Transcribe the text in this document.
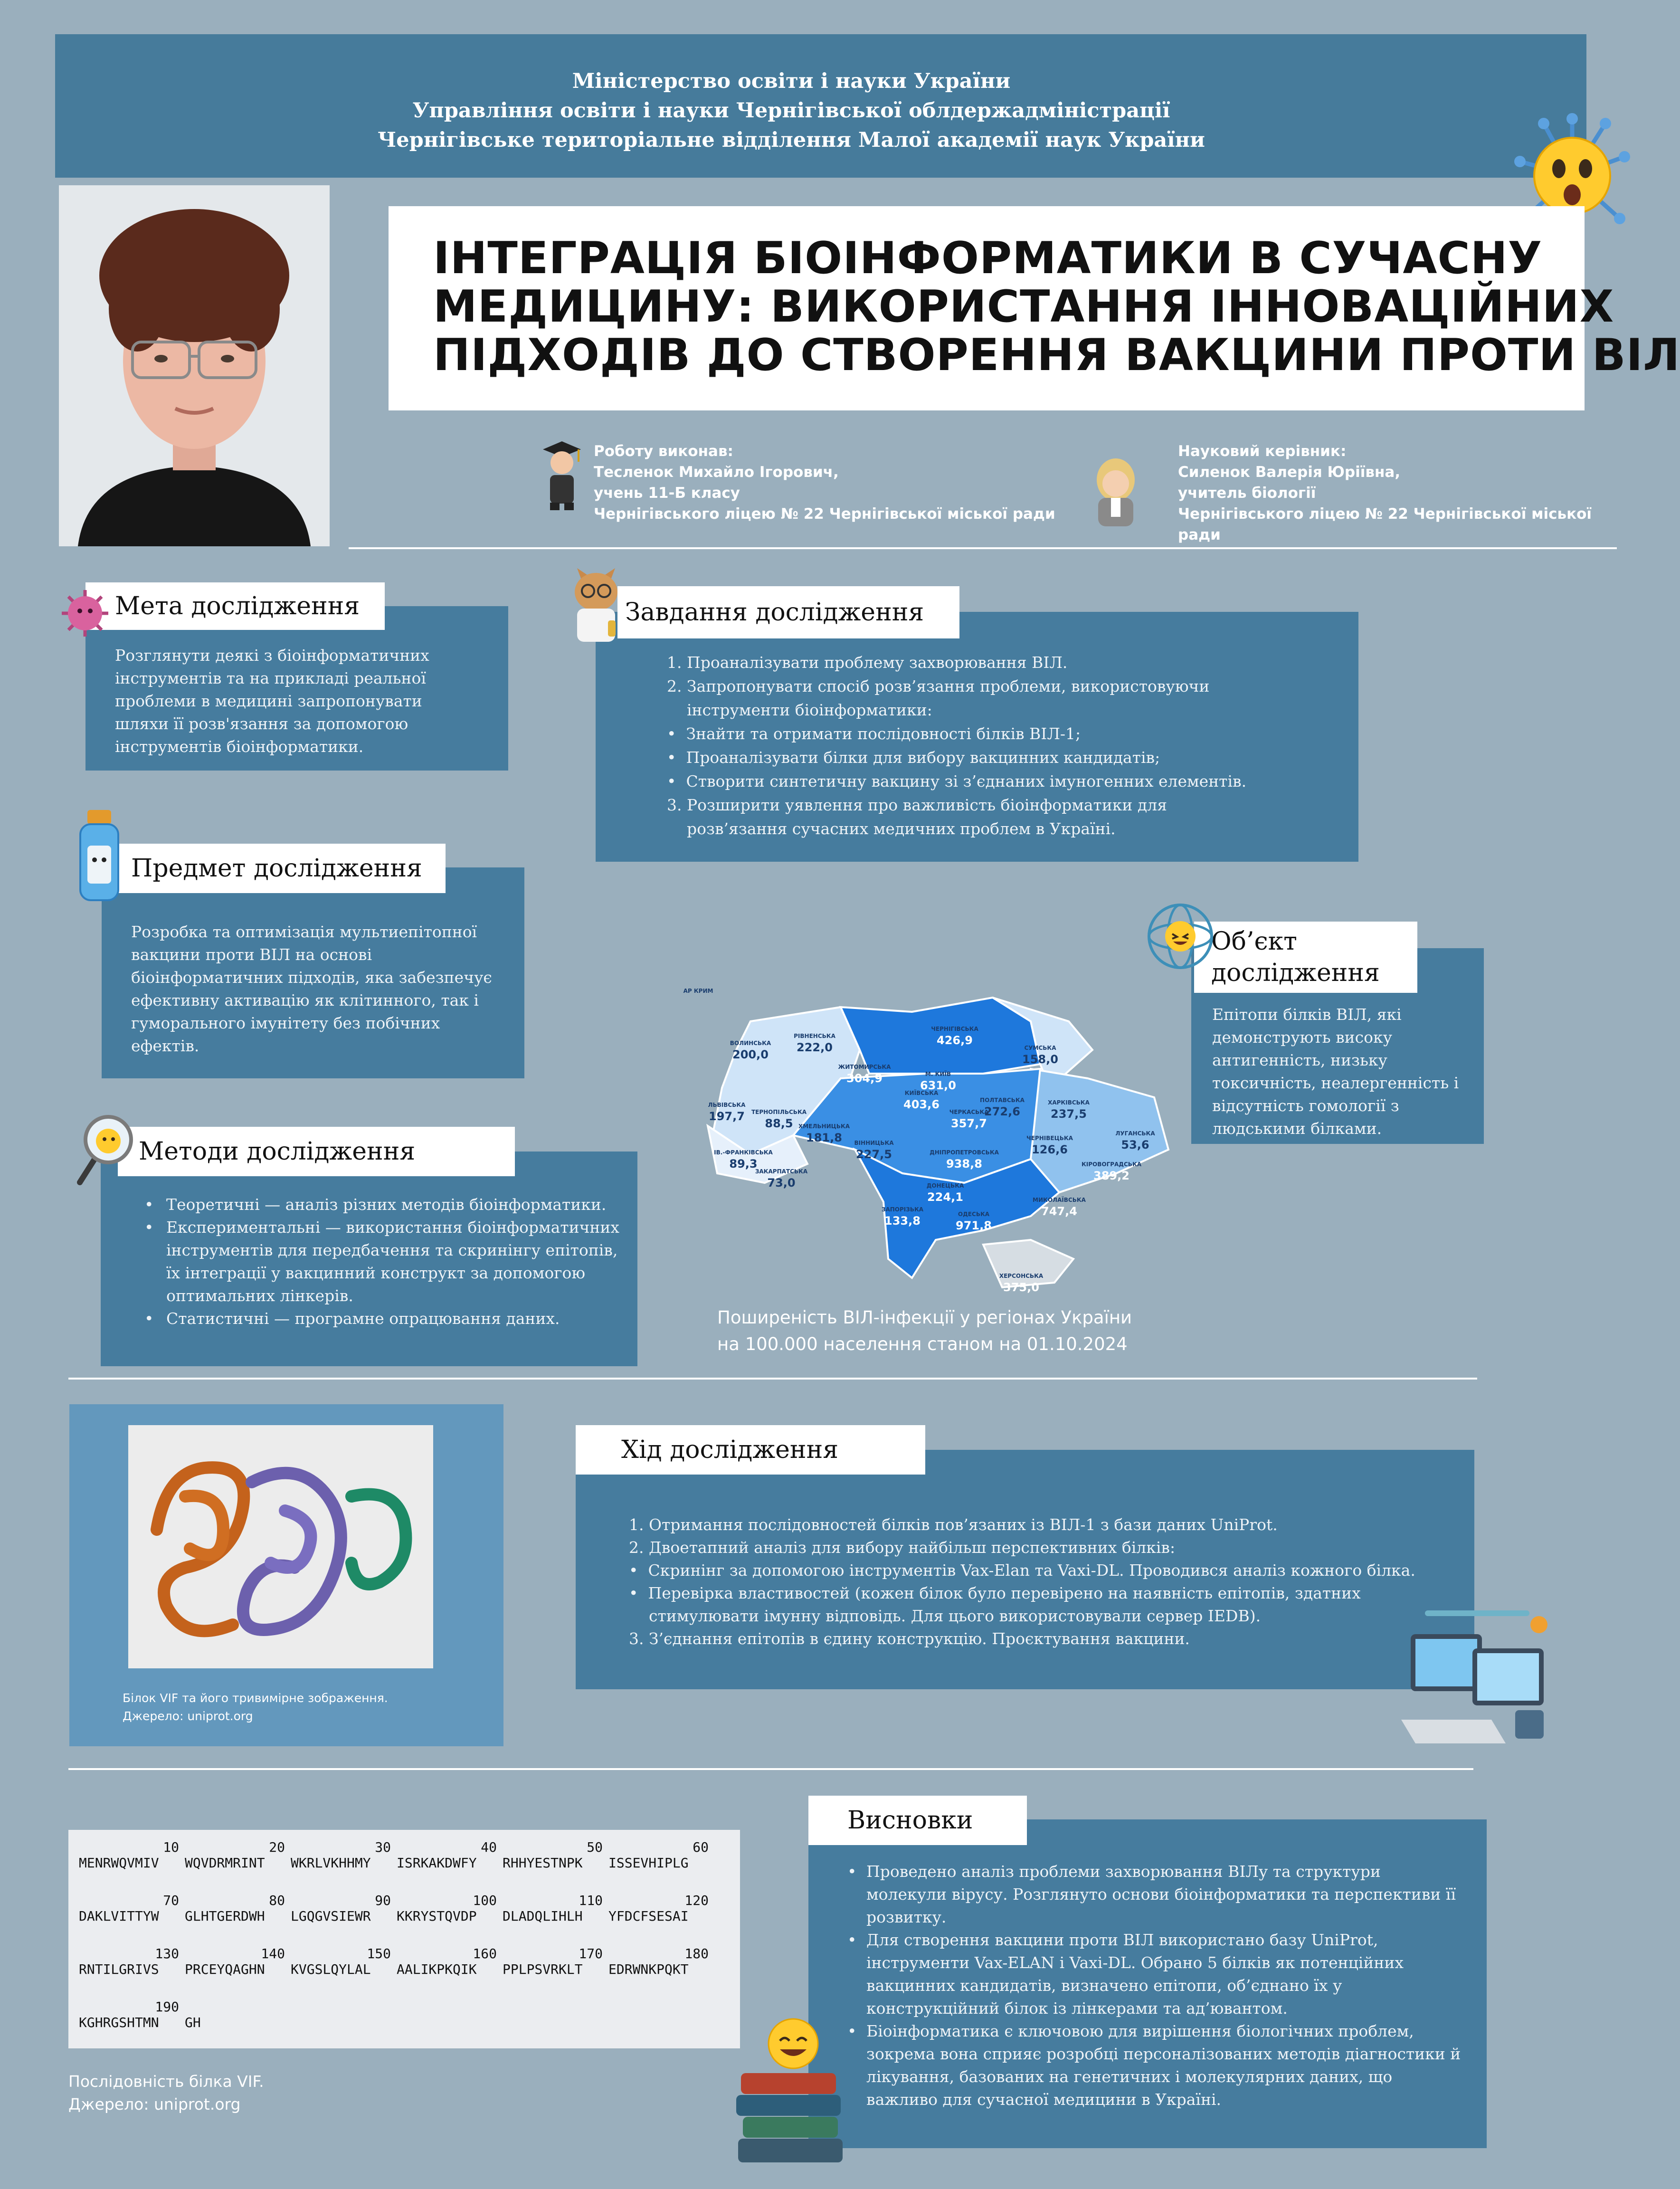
Міністерство освіти і науки України
Управління освіти і науки Чернігівської облдержадміністрації
Чернігівське територіальне відділення Малої академії наук України
ІНТЕГРАЦІЯ БІОІНФОРМАТИКИ В СУЧАСНУ
МЕДИЦИНУ: ВИКОРИСТАННЯ ІННОВАЦІЙНИХ
ПІДХОДІВ ДО СТВОРЕННЯ ВАКЦИНИ ПРОТИ ВІЛ
Роботу виконав:
Тесленок Михайло Ігорович,
учень 11-Б класу
Чернігівського ліцею № 22 Чернігівської міської ради
Науковий керівник:
Силенок Валерія Юріївна,
учитель біології
Чернігівського ліцею № 22 Чернігівської міської ради
Мета дослідження
Розглянути деякі з біоінформатичних інструментів та на прикладі реальної проблеми в медицині запропонувати шляхи її розв'язання за допомогою інструментів біоінформатики.
Завдання дослідження
1. Проаналізувати проблему захворювання ВІЛ.
2. Запропонувати спосіб розв’язання проблеми, використовуючи
інструменти біоінформатики:
•  Знайти та отримати послідовності білків ВІЛ-1;
•  Проаналізувати білки для вибору вакцинних кандидатів;
•  Створити синтетичну вакцину зі з’єднаних імуногенних елементів.
3. Розширити уявлення про важливість біоінформатики для
розв’язання сучасних медичних проблем в Україні.
Предмет дослідження
Розробка та оптимізація мультиепітопної вакцини проти ВІЛ на основі біоінформатичних підходів, яка забезпечує ефективну активацію як клітинного, так і гуморального імунітету без побічних ефектів.
Об’єкт
дослідження
Епітопи білків ВІЛ, які демонструють високу антигенність, низьку токсичність, неалергенність і відсутність гомології з людськими білками.
ВОЛИНСЬКА
200,0
РІВНЕНСЬКА
222,0
ЖИТОМИРСЬКА
304,9
ЧЕРНІГІВСЬКА
426,9
СУМСЬКА
158,0
М. КИЇВ
631,0
КИЇВСЬКА
403,6
ЛЬВІВСЬКА
197,7 ТЕРНОПІЛЬСЬКА
88,5 ХМЕЛЬНИЦЬКА
181,8
ПОЛТАВСЬКА
272,6
ХАРКІВСЬКА
237,5
ЛУГАНСЬКА
53,6
ЧЕРКАСЬКА
357,7
ВІННИЦЬКА
227,5
ІВ.-ФРАНКІВСЬКА
89,3
ЗАКАРПАТСЬКА
73,0
ЧЕРНІВЕЦЬКА
126,6
ДНІПРОПЕТРОВСЬКА
938,8	КІРОВОГРАДСЬКА
389,2
ДОНЕЦЬКА
224,1	МИКОЛАЇВСЬКА
747,4
ЗАПОРІЗЬКА
133,8	ОДЕСЬКА
971,8
ХЕРСОНСЬКА
375,0
АР КРИМ
Поширеність ВІЛ-інфекції у регіонах України
на 100.000 населення станом на 01.10.2024
Методи дослідження
• Теоретичні — аналіз різних методів біоінформатики.
• Експериментальні — використання біоінформатичних інструментів для передбачення та скринінгу епітопів, їх інтеграції у вакцинний конструкт за допомогою оптимальних лінкерів.
• Статистичні — програмне опрацювання даних.
Білок VIF та його тривимірне зображення.
Джерело: uniprot.org
Хід дослідження
1. Отримання послідовностей білків пов’язаних із ВІЛ-1 з бази даних UniProt.
2. Двоетапний аналіз для вибору найбільш перспективних білків:
•  Скринінг за допомогою інструментів Vax-Elan та Vaxi-DL. Проводився аналіз кожного білка.
•  Перевірка властивостей (кожен білок було перевірено на наявність епітопів, здатних
стимулювати імунну відповідь. Для цього використовували сервер IEDB).
3. З’єднання епітопів в єдину конструкцію. Проєктування вакцини.
10	20	30	40	50	60
MENRWQVMIV	WQVDRMRINT	WKRLVKHHMY	ISRKAKDWFY	RHHYESTNPK	ISSEVHIPLG
70	80	90	100	110	120
DAKLVITTYW	GLHTGERDWH	LGQGVSIEWR	KKRYSTQVDP	DLADQLIHLH	YFDCFSESAI
130	140	150	160	170	180
RNTILGRIVS	PRCEYQAGHN	KVGSLQYLAL	AALIKPKQIK	PPLPSVRKLT	EDRWNKPQKT
190
KGHRGSHTMN	GH
Послідовність білка VIF.
Джерело: uniprot.org
Висновки
• Проведено аналіз проблеми захворювання ВІЛу та структури молекули вірусу. Розглянуто основи біоінформатики та перспективи її розвитку.
• Для створення вакцини проти ВІЛ використано базу UniProt, інструменти Vax-ELAN і Vaxi-DL. Обрано 5 білків як потенційних вакцинних кандидатів, визначено епітопи, об’єднано їх у конструкційний білок із лінкерами та ад’ювантом.
• Біоінформатика є ключовою для вирішення біологічних проблем, зокрема вона сприяє розробці персоналізованих методів діагностики й лікування, базованих на генетичних і молекулярних даних, що важливо для сучасної медицини в Україні.
